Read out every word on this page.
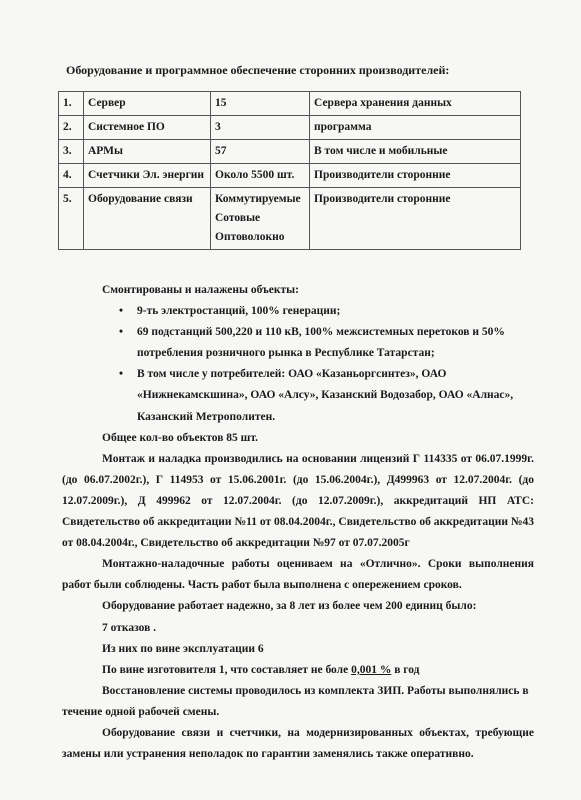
Оборудование и программное обеспечение сторонних производителей:
1.	Сервер	15	Сервера хранения данных
2.	Системное ПО	3	программа
3.	АРМы	57	В том числе и мобильные
4.	Счетчики Эл. энергии	Около 5500 шт.	Производители сторонние
5.	Оборудование связи	Коммутируемые Сотовые Оптоволокно	Производители сторонние

Смонтированы и налажены объекты:

• 9-ть электростанций, 100% генерации;
• 69 подстанций 500,220 и 110 кВ, 100% межсистемных перетоков и 50% потребления розничного рынка в Республике Татарстан;
• В том числе у потребителей: ОАО «Казаньоргсинтез», ОАО «Нижнекамскшина», ОАО «Алсу», Казанский Водозабор, ОАО «Алнас», Казанский Метрополитен.

Общее кол-во объектов 85 шт.

Монтаж и наладка производились на основании лицензий Г 114335 от 06.07.1999г. (до 06.07.2002г.), Г 114953 от 15.06.2001г. (до 15.06.2004г.), Д499963 от 12.07.2004г. (до 12.07.2009г.), Д 499962 от 12.07.2004г. (до 12.07.2009г.), аккредитаций НП АТС: Свидетельство об аккредитации №11 от 08.04.2004г., Свидетельство об аккредитации №43 от 08.04.2004г., Свидетельство об аккредитации №97 от 07.07.2005г

Монтажно-наладочные работы оцениваем на «Отлично». Сроки выполнения работ были соблюдены. Часть работ была выполнена с опережением сроков.

Оборудование работает надежно, за 8 лет из более чем 200 единиц было:

7 отказов .

Из них по вине эксплуатации 6

По вине изготовителя 1, что составляет не боле 0,001 % в год

Восстановление системы проводилось из комплекта ЗИП. Работы выполнялись в течение одной рабочей смены.

Оборудование связи и счетчики, на модернизированных объектах, требующие замены или устранения неполадок по гарантии заменялись также оперативно.
